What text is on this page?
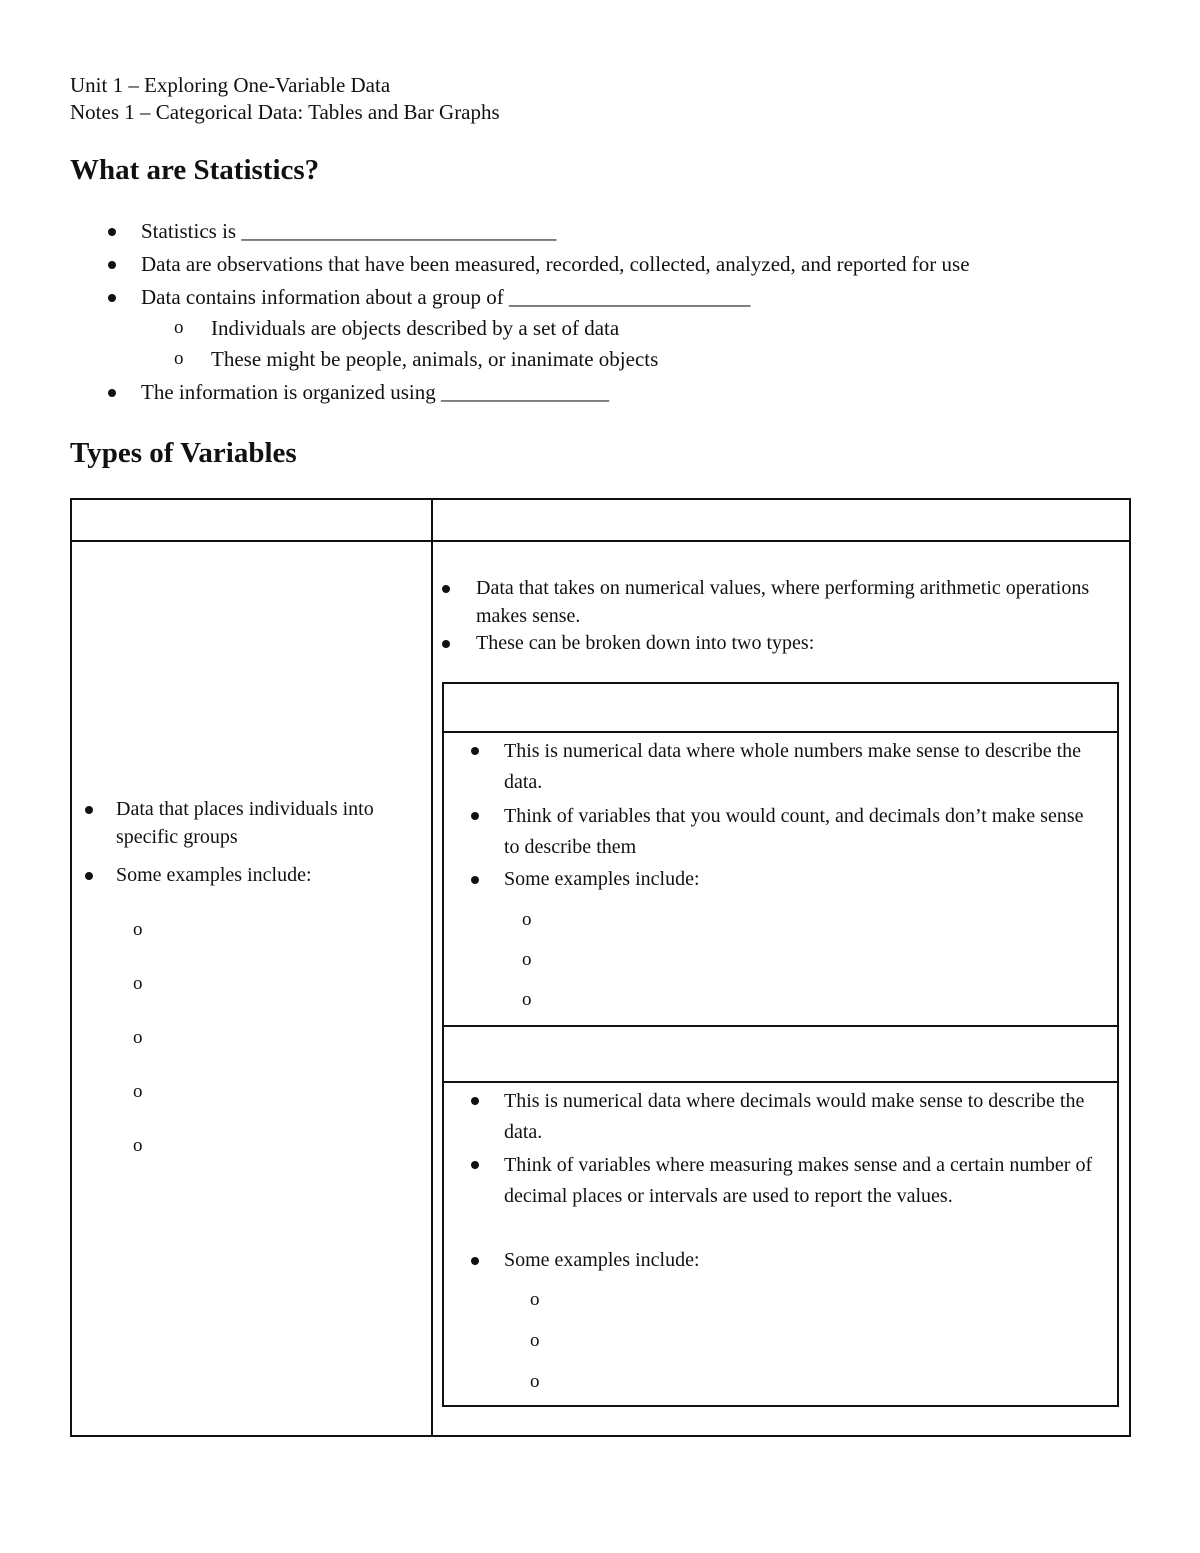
Unit 1 – Exploring One-Variable Data
Notes 1 – Categorical Data: Tables and Bar Graphs
What are Statistics?
Statistics is ______________________________
Data are observations that have been measured, recorded, collected, analyzed, and reported for use
Data contains information about a group of _______________________
o Individuals are objects described by a set of data
o These might be people, animals, or inanimate objects
The information is organized using ________________
Types of Variables
Data that places individuals into specific groups
Some examples include:
o
o
o
o
o
Data that takes on numerical values, where performing arithmetic operations makes sense.
These can be broken down into two types:
This is numerical data where whole numbers make sense to describe the data.
Think of variables that you would count, and decimals don’t make sense to describe them
Some examples include:
o
o
o
This is numerical data where decimals would make sense to describe the data.
Think of variables where measuring makes sense and a certain number of decimal places or intervals are used to report the values.
Some examples include:
o
o
o
